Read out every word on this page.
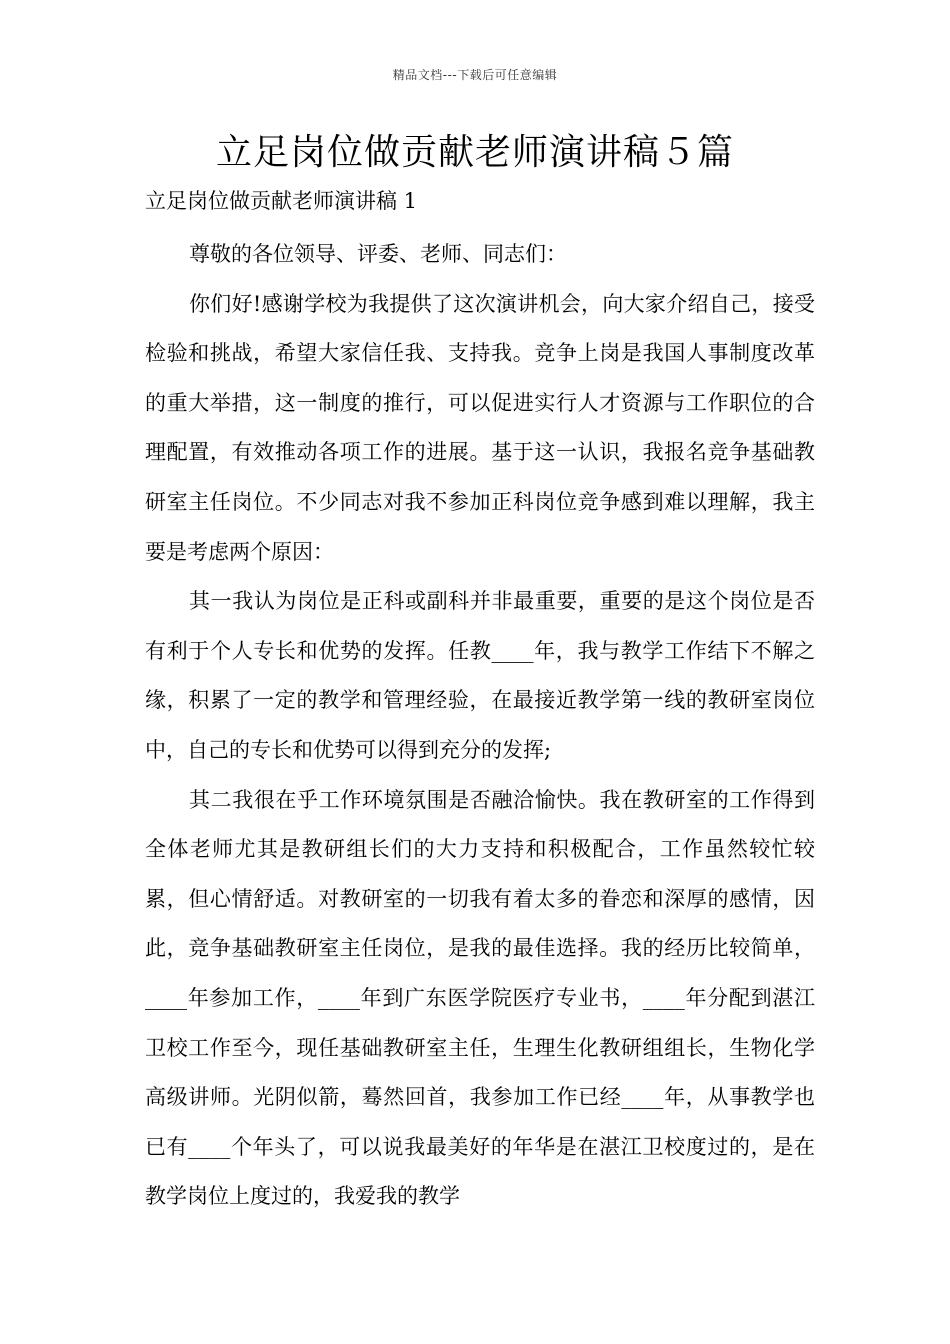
精品文档---下载后可任意编辑
立足岗位做贡献老师演讲稿５篇

立足岗位做贡献老师演讲稿 1

尊敬的各位领导、评委、老师、同志们：

你们好!感谢学校为我提供了这次演讲机会，向大家介绍自己，接受检验和挑战，希望大家信任我、支持我。竞争上岗是我国人事制度改革的重大举措，这一制度的推行，可以促进实行人才资源与工作职位的合理配置，有效推动各项工作的进展。基于这一认识，我报名竞争基础教研室主任岗位。不少同志对我不参加正科岗位竞争感到难以理解，我主要是考虑两个原因：

其一我认为岗位是正科或副科并非最重要，重要的是这个岗位是否有利于个人专长和优势的发挥。任教____年，我与教学工作结下不解之缘，积累了一定的教学和管理经验，在最接近教学第一线的教研室岗位中，自己的专长和优势可以得到充分的发挥;

其二我很在乎工作环境氛围是否融洽愉快。我在教研室的工作得到全体老师尤其是教研组长们的大力支持和积极配合，工作虽然较忙较累，但心情舒适。对教研室的一切我有着太多的眷恋和深厚的感情，因此，竞争基础教研室主任岗位，是我的最佳选择。我的经历比较简单，____年参加工作，____年到广东医学院医疗专业书，____年分配到湛江卫校工作至今，现任基础教研室主任，生理生化教研组组长，生物化学高级讲师。光阴似箭，蓦然回首，我参加工作已经____年，从事教学也已有____个年头了，可以说我最美好的年华是在湛江卫校度过的，是在教学岗位上度过的，我爱我的教学
